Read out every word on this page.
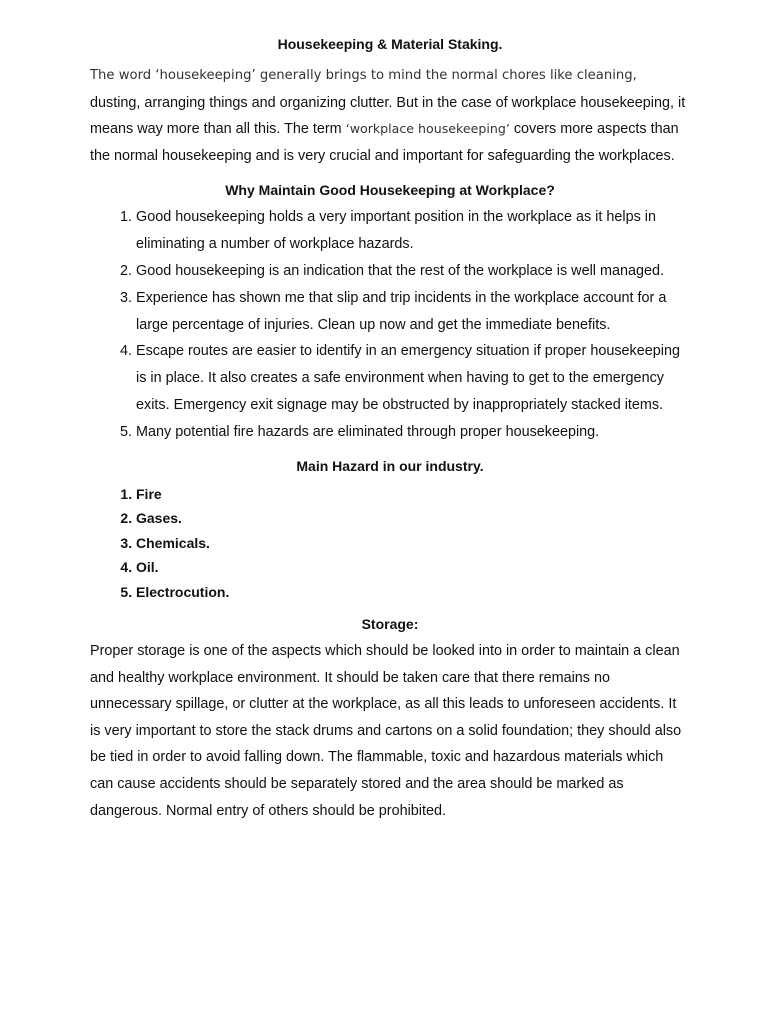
Housekeeping & Material Staking.

The word ‘housekeeping’ generally brings to mind the normal chores like cleaning, dusting, arranging things and organizing clutter. But in the case of workplace housekeeping, it means way more than all this. The term ‘workplace housekeeping’ covers more aspects than the normal housekeeping and is very crucial and important for safeguarding the workplaces.

Why Maintain Good Housekeeping at Workplace?
1. Good housekeeping holds a very important position in the workplace as it helps in eliminating a number of workplace hazards.
2. Good housekeeping is an indication that the rest of the workplace is well managed.
3. Experience has shown me that slip and trip incidents in the workplace account for a large percentage of injuries. Clean up now and get the immediate benefits.
4. Escape routes are easier to identify in an emergency situation if proper housekeeping is in place. It also creates a safe environment when having to get to the emergency exits. Emergency exit signage may be obstructed by inappropriately stacked items.
5. Many potential fire hazards are eliminated through proper housekeeping.
Main Hazard in our industry.
1. Fire
2. Gases.
3. Chemicals.
4. Oil.
5. Electrocution.
Storage:

Proper storage is one of the aspects which should be looked into in order to maintain a clean and healthy workplace environment. It should be taken care that there remains no unnecessary spillage, or clutter at the workplace, as all this leads to unforeseen accidents. It is very important to store the stack drums and cartons on a solid foundation; they should also be tied in order to avoid falling down. The flammable, toxic and hazardous materials which can cause accidents should be separately stored and the area should be marked as dangerous. Normal entry of others should be prohibited.
